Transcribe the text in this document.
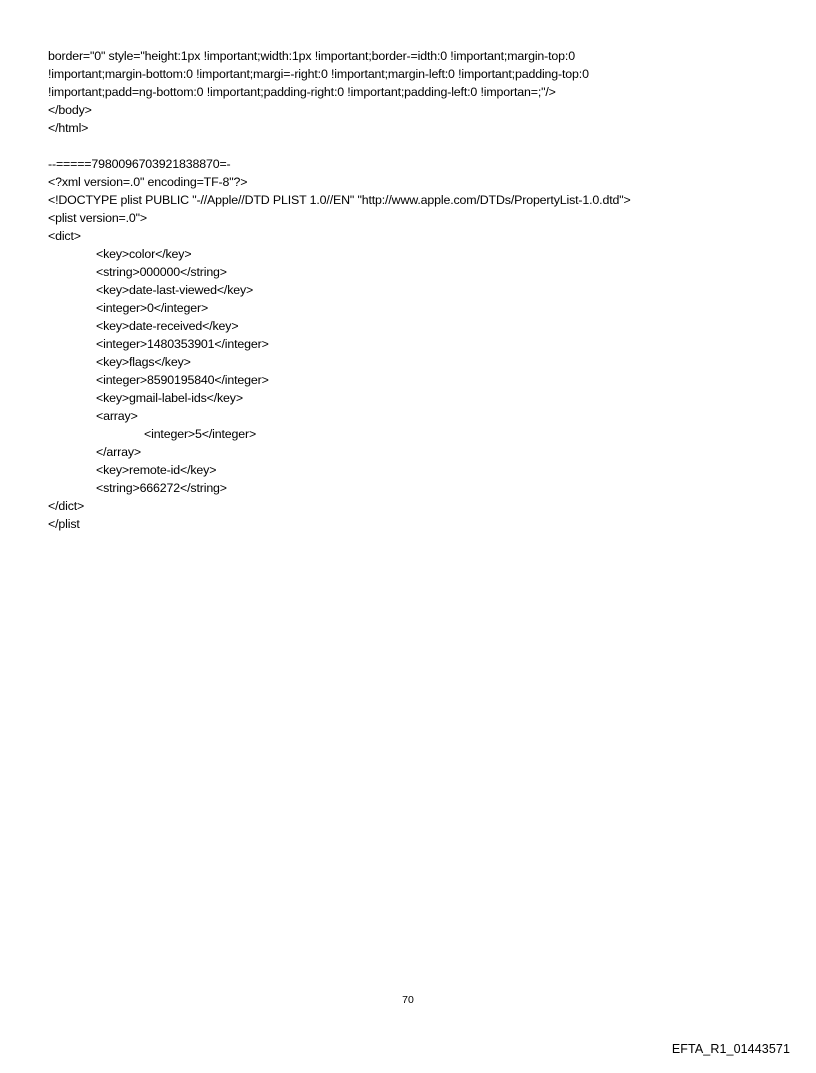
border="0" style="height:1px !important;width:1px !important;border-=idth:0 !important;margin-top:0
!important;margin-bottom:0 !important;margi=-right:0 !important;margin-left:0 !important;padding-top:0
!important;padd=ng-bottom:0 !important;padding-right:0 !important;padding-left:0 !importan=;"/>
</body>
</html>
--=====7980096703921838870=-
<?xml version=.0" encoding=TF-8"?>
<!DOCTYPE plist PUBLIC "-//Apple//DTD PLIST 1.0//EN" "http://www.apple.com/DTDs/PropertyList-1.0.dtd">
<plist version=.0">
<dict>
<key>color</key>
<string>000000</string>
<key>date-last-viewed</key>
<integer>0</integer>
<key>date-received</key>
<integer>1480353901</integer>
<key>flags</key>
<integer>8590195840</integer>
<key>gmail-label-ids</key>
<array>
<integer>5</integer>
</array>
<key>remote-id</key>
<string>666272</string>
</dict>
</plist
70
EFTA_R1_01443571
